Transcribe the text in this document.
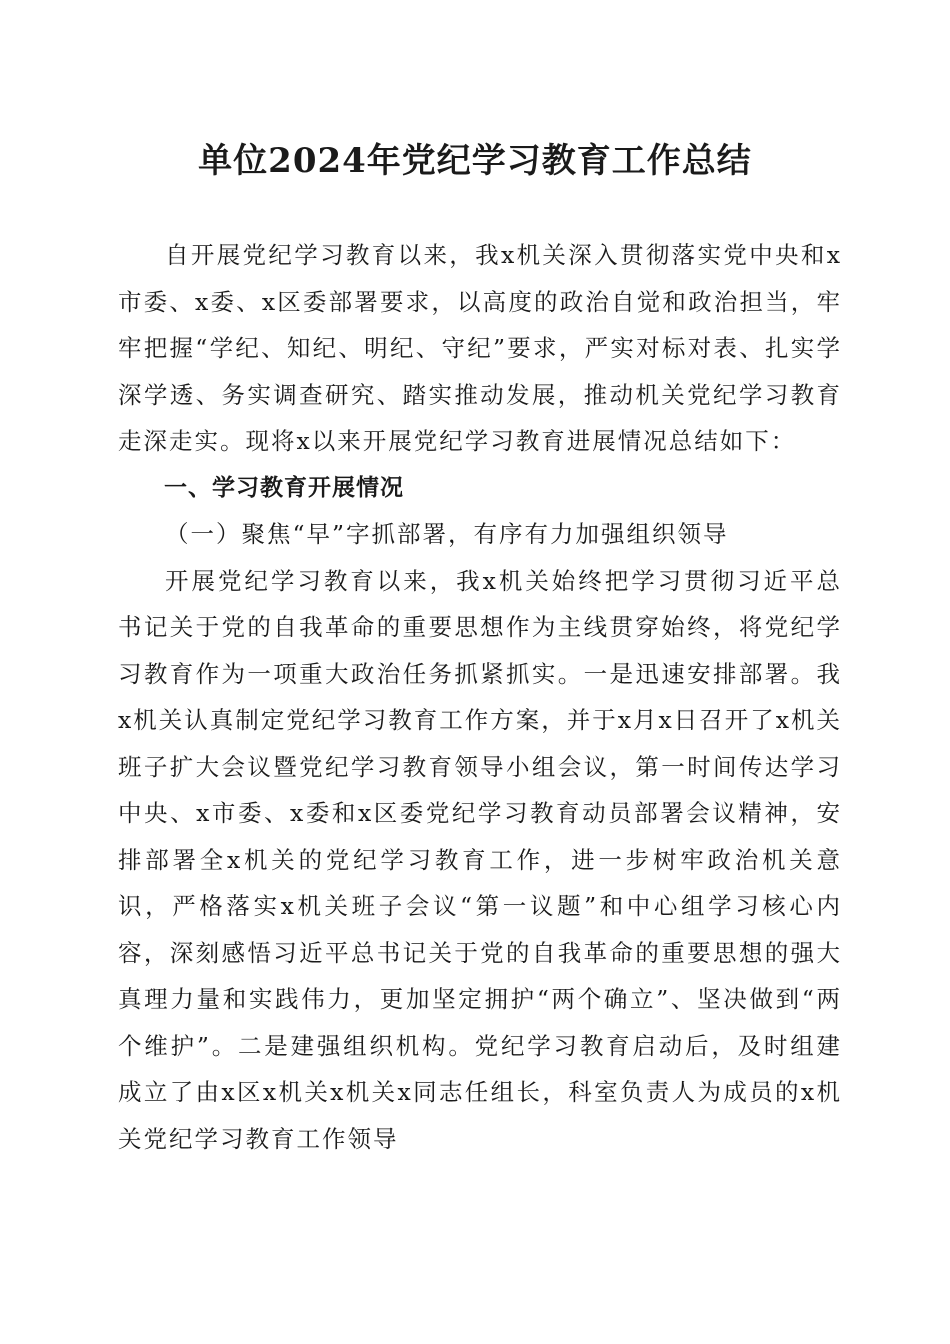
单位2024年党纪学习教育工作总结

自开展党纪学习教育以来，我x机关深入贯彻落实党中央和x市委、x委、x区委部署要求，以高度的政治自觉和政治担当，牢牢把握“学纪、知纪、明纪、守纪”要求，严实对标对表、扎实学深学透、务实调查研究、踏实推动发展，推动机关党纪学习教育走深走实。现将x以来开展党纪学习教育进展情况总结如下：

一、学习教育开展情况

（一）聚焦“早”字抓部署，有序有力加强组织领导

开展党纪学习教育以来，我x机关始终把学习贯彻习近平总书记关于党的自我革命的重要思想作为主线贯穿始终，将党纪学习教育作为一项重大政治任务抓紧抓实。一是迅速安排部署。我x机关认真制定党纪学习教育工作方案，并于x月x日召开了x机关班子扩大会议暨党纪学习教育领导小组会议，第一时间传达学习中央、x市委、x委和x区委党纪学习教育动员部署会议精神，安排部署全x机关的党纪学习教育工作，进一步树牢政治机关意识，严格落实x机关班子会议“第一议题”和中心组学习核心内容，深刻感悟习近平总书记关于党的自我革命的重要思想的强大真理力量和实践伟力，更加坚定拥护“两个确立”、坚决做到“两个维护”。二是建强组织机构。党纪学习教育启动后，及时组建成立了由x区x机关x机关x同志任组长，科室负责人为成员的x机关党纪学习教育工作领导
